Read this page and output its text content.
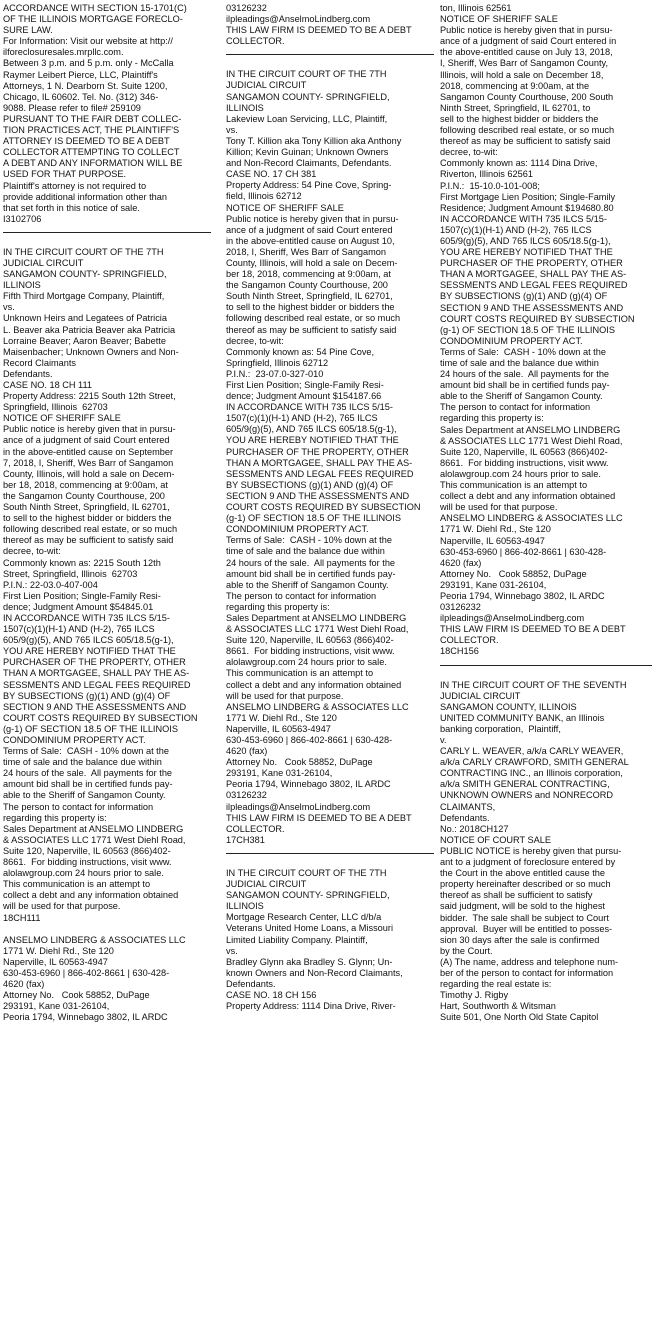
ACCORDANCE WITH SECTION 15-1701(C)
OF THE ILLINOIS MORTGAGE FORECLO-
SURE LAW.
For Information: Visit our website at http://
ilforeclosuresales.mrpllc.com.
Between 3 p.m. and 5 p.m. only - McCalla
Raymer Leibert Pierce, LLC, Plaintiff's
Attorneys, 1 N. Dearborn St. Suite 1200,
Chicago, IL 60602. Tel. No. (312) 346-
9088. Please refer to file# 259109
PURSUANT TO THE FAIR DEBT COLLEC-
TION PRACTICES ACT, THE PLAINTIFF'S
ATTORNEY IS DEEMED TO BE A DEBT
COLLECTOR ATTEMPTING TO COLLECT
A DEBT AND ANY INFORMATION WILL BE
USED FOR THAT PURPOSE.
Plaintiff's attorney is not required to
provide additional information other than
that set forth in this notice of sale.
I3102706

IN THE CIRCUIT COURT OF THE 7TH
JUDICIAL CIRCUIT
SANGAMON COUNTY- SPRINGFIELD,
ILLINOIS
Fifth Third Mortgage Company, Plaintiff,
vs.
Unknown Heirs and Legatees of Patricia
L. Beaver aka Patricia Beaver aka Patricia
Lorraine Beaver; Aaron Beaver; Babette
Maisenbacher; Unknown Owners and Non-
Record Claimants
Defendants.
CASE NO. 18 CH 111
Property Address: 2215 South 12th Street,
Springfield, Illinois  62703
NOTICE OF SHERIFF SALE
Public notice is hereby given that in pursu-
ance of a judgment of said Court entered
in the above-entitled cause on September
7, 2018, I, Sheriff, Wes Barr of Sangamon
County, Illinois, will hold a sale on Decem-
ber 18, 2018, commencing at 9:00am, at
the Sangamon County Courthouse, 200
South Ninth Street, Springfield, IL 62701,
to sell to the highest bidder or bidders the
following described real estate, or so much
thereof as may be sufficient to satisfy said
decree, to-wit:
Commonly known as: 2215 South 12th
Street, Springfield, Illinois  62703
P.I.N.: 22-03.0-407-004
First Lien Position; Single-Family Resi-
dence; Judgment Amount $54845.01
IN ACCORDANCE WITH 735 ILCS 5/15-
1507(c)(1)(H-1) AND (H-2), 765 ILCS
605/9(g)(5), AND 765 ILCS 605/18.5(g-1),
YOU ARE HEREBY NOTIFIED THAT THE
PURCHASER OF THE PROPERTY, OTHER
THAN A MORTGAGEE, SHALL PAY THE AS-
SESSMENTS AND LEGAL FEES REQUIRED
BY SUBSECTIONS (g)(1) AND (g)(4) OF
SECTION 9 AND THE ASSESSMENTS AND
COURT COSTS REQUIRED BY SUBSECTION
(g-1) OF SECTION 18.5 OF THE ILLINOIS
CONDOMINIUM PROPERTY ACT.
Terms of Sale:  CASH - 10% down at the
time of sale and the balance due within
24 hours of the sale.  All payments for the
amount bid shall be in certified funds pay-
able to the Sheriff of Sangamon County.
The person to contact for information
regarding this property is:
Sales Department at ANSELMO LINDBERG
& ASSOCIATES LLC 1771 West Diehl Road,
Suite 120, Naperville, IL 60563 (866)402-
8661.  For bidding instructions, visit www.
alolawgroup.com 24 hours prior to sale.
This communication is an attempt to
collect a debt and any information obtained
will be used for that purpose.
18CH111

ANSELMO LINDBERG & ASSOCIATES LLC
1771 W. Diehl Rd., Ste 120
Naperville, IL 60563-4947
630-453-6960 | 866-402-8661 | 630-428-
4620 (fax)
Attorney No.   Cook 58852, DuPage
293191, Kane 031-26104,
Peoria 1794, Winnebago 3802, IL ARDC

03126232
ilpleadings@AnselmoLindberg.com
THIS LAW FIRM IS DEEMED TO BE A DEBT
COLLECTOR.

IN THE CIRCUIT COURT OF THE 7TH
JUDICIAL CIRCUIT
SANGAMON COUNTY- SPRINGFIELD,
ILLINOIS
Lakeview Loan Servicing, LLC, Plaintiff,
vs.
Tony T. Killion aka Tony Killion aka Anthony
Killion; Kevin Guinan; Unknown Owners
and Non-Record Claimants, Defendants.
CASE NO. 17 CH 381
Property Address: 54 Pine Cove, Spring-
field, Illinois 62712
NOTICE OF SHERIFF SALE
Public notice is hereby given that in pursu-
ance of a judgment of said Court entered
in the above-entitled cause on August 10,
2018, I, Sheriff, Wes Barr of Sangamon
County, Illinois, will hold a sale on Decem-
ber 18, 2018, commencing at 9:00am, at
the Sangamon County Courthouse, 200
South Ninth Street, Springfield, IL 62701,
to sell to the highest bidder or bidders the
following described real estate, or so much
thereof as may be sufficient to satisfy said
decree, to-wit:
Commonly known as: 54 Pine Cove,
Springfield, Illinois 62712
P.I.N.:  23-07.0-327-010
First Lien Position; Single-Family Resi-
dence; Judgment Amount $154187.66
IN ACCORDANCE WITH 735 ILCS 5/15-
1507(c)(1)(H-1) AND (H-2), 765 ILCS
605/9(g)(5), AND 765 ILCS 605/18.5(g-1),
YOU ARE HEREBY NOTIFIED THAT THE
PURCHASER OF THE PROPERTY, OTHER
THAN A MORTGAGEE, SHALL PAY THE AS-
SESSMENTS AND LEGAL FEES REQUIRED
BY SUBSECTIONS (g)(1) AND (g)(4) OF
SECTION 9 AND THE ASSESSMENTS AND
COURT COSTS REQUIRED BY SUBSECTION
(g-1) OF SECTION 18.5 OF THE ILLINOIS
CONDOMINIUM PROPERTY ACT.
Terms of Sale:  CASH - 10% down at the
time of sale and the balance due within
24 hours of the sale.  All payments for the
amount bid shall be in certified funds pay-
able to the Sheriff of Sangamon County.
The person to contact for information
regarding this property is:
Sales Department at ANSELMO LINDBERG
& ASSOCIATES LLC 1771 West Diehl Road,
Suite 120, Naperville, IL 60563 (866)402-
8661.  For bidding instructions, visit www.
alolawgroup.com 24 hours prior to sale.
This communication is an attempt to
collect a debt and any information obtained
will be used for that purpose.
ANSELMO LINDBERG & ASSOCIATES LLC
1771 W. Diehl Rd., Ste 120
Naperville, IL 60563-4947
630-453-6960 | 866-402-8661 | 630-428-
4620 (fax)
Attorney No.   Cook 58852, DuPage
293191, Kane 031-26104,
Peoria 1794, Winnebago 3802, IL ARDC
03126232
ilpleadings@AnselmoLindberg.com
THIS LAW FIRM IS DEEMED TO BE A DEBT
COLLECTOR.
17CH381

IN THE CIRCUIT COURT OF THE 7TH
JUDICIAL CIRCUIT
SANGAMON COUNTY- SPRINGFIELD,
ILLINOIS
Mortgage Research Center, LLC d/b/a
Veterans United Home Loans, a Missouri
Limited Liability Company. Plaintiff,
vs.
Bradley Glynn aka Bradley S. Glynn; Un-
known Owners and Non-Record Claimants,
Defendants.
CASE NO. 18 CH 156
Property Address: 1114 Dina Drive, River-

ton, Illinois 62561
NOTICE OF SHERIFF SALE
Public notice is hereby given that in pursu-
ance of a judgment of said Court entered in
the above-entitled cause on July 13, 2018,
I, Sheriff, Wes Barr of Sangamon County,
Illinois, will hold a sale on December 18,
2018, commencing at 9:00am, at the
Sangamon County Courthouse, 200 South
Ninth Street, Springfield, IL 62701, to
sell to the highest bidder or bidders the
following described real estate, or so much
thereof as may be sufficient to satisfy said
decree, to-wit:
Commonly known as: 1114 Dina Drive,
Riverton, Illinois 62561
P.I.N.:  15-10.0-101-008;
First Mortgage Lien Position; Single-Family
Residence; Judgment Amount $194680.80
IN ACCORDANCE WITH 735 ILCS 5/15-
1507(c)(1)(H-1) AND (H-2), 765 ILCS
605/9(g)(5), AND 765 ILCS 605/18.5(g-1),
YOU ARE HEREBY NOTIFIED THAT THE
PURCHASER OF THE PROPERTY, OTHER
THAN A MORTGAGEE, SHALL PAY THE AS-
SESSMENTS AND LEGAL FEES REQUIRED
BY SUBSECTIONS (g)(1) AND (g)(4) OF
SECTION 9 AND THE ASSESSMENTS AND
COURT COSTS REQUIRED BY SUBSECTION
(g-1) OF SECTION 18.5 OF THE ILLINOIS
CONDOMINIUM PROPERTY ACT.
Terms of Sale:  CASH - 10% down at the
time of sale and the balance due within
24 hours of the sale.  All payments for the
amount bid shall be in certified funds pay-
able to the Sheriff of Sangamon County.
The person to contact for information
regarding this property is:
Sales Department at ANSELMO LINDBERG
& ASSOCIATES LLC 1771 West Diehl Road,
Suite 120, Naperville, IL 60563 (866)402-
8661.  For bidding instructions, visit www.
alolawgroup.com 24 hours prior to sale.
This communication is an attempt to
collect a debt and any information obtained
will be used for that purpose.
ANSELMO LINDBERG & ASSOCIATES LLC
1771 W. Diehl Rd., Ste 120
Naperville, IL 60563-4947
630-453-6960 | 866-402-8661 | 630-428-
4620 (fax)
Attorney No.   Cook 58852, DuPage
293191, Kane 031-26104,
Peoria 1794, Winnebago 3802, IL ARDC
03126232
ilpleadings@AnselmoLindberg.com
THIS LAW FIRM IS DEEMED TO BE A DEBT
COLLECTOR.
18CH156

IN THE CIRCUIT COURT OF THE SEVENTH
JUDICIAL CIRCUIT
SANGAMON COUNTY, ILLINOIS
UNITED COMMUNITY BANK, an Illinois
banking corporation,  Plaintiff,
v.
CARLY L. WEAVER, a/k/a CARLY WEAVER,
a/k/a CARLY CRAWFORD, SMITH GENERAL
CONTRACTING INC., an Illinois corporation,
a/k/a SMITH GENERAL CONTRACTING,
UNKNOWN OWNERS and NONRECORD
CLAIMANTS,
Defendants.
No.: 2018CH127
NOTICE OF COURT SALE
PUBLIC NOTICE is hereby given that pursu-
ant to a judgment of foreclosure entered by
the Court in the above entitled cause the
property hereinafter described or so much
thereof as shall be sufficient to satisfy
said judgment, will be sold to the highest
bidder.  The sale shall be subject to Court
approval.  Buyer will be entitled to posses-
sion 30 days after the sale is confirmed
by the Court.
(A) The name, address and telephone num-
ber of the person to contact for information
regarding the real estate is:
Timothy J. Rigby
Hart, Southworth & Witsman
Suite 501, One North Old State Capitol
